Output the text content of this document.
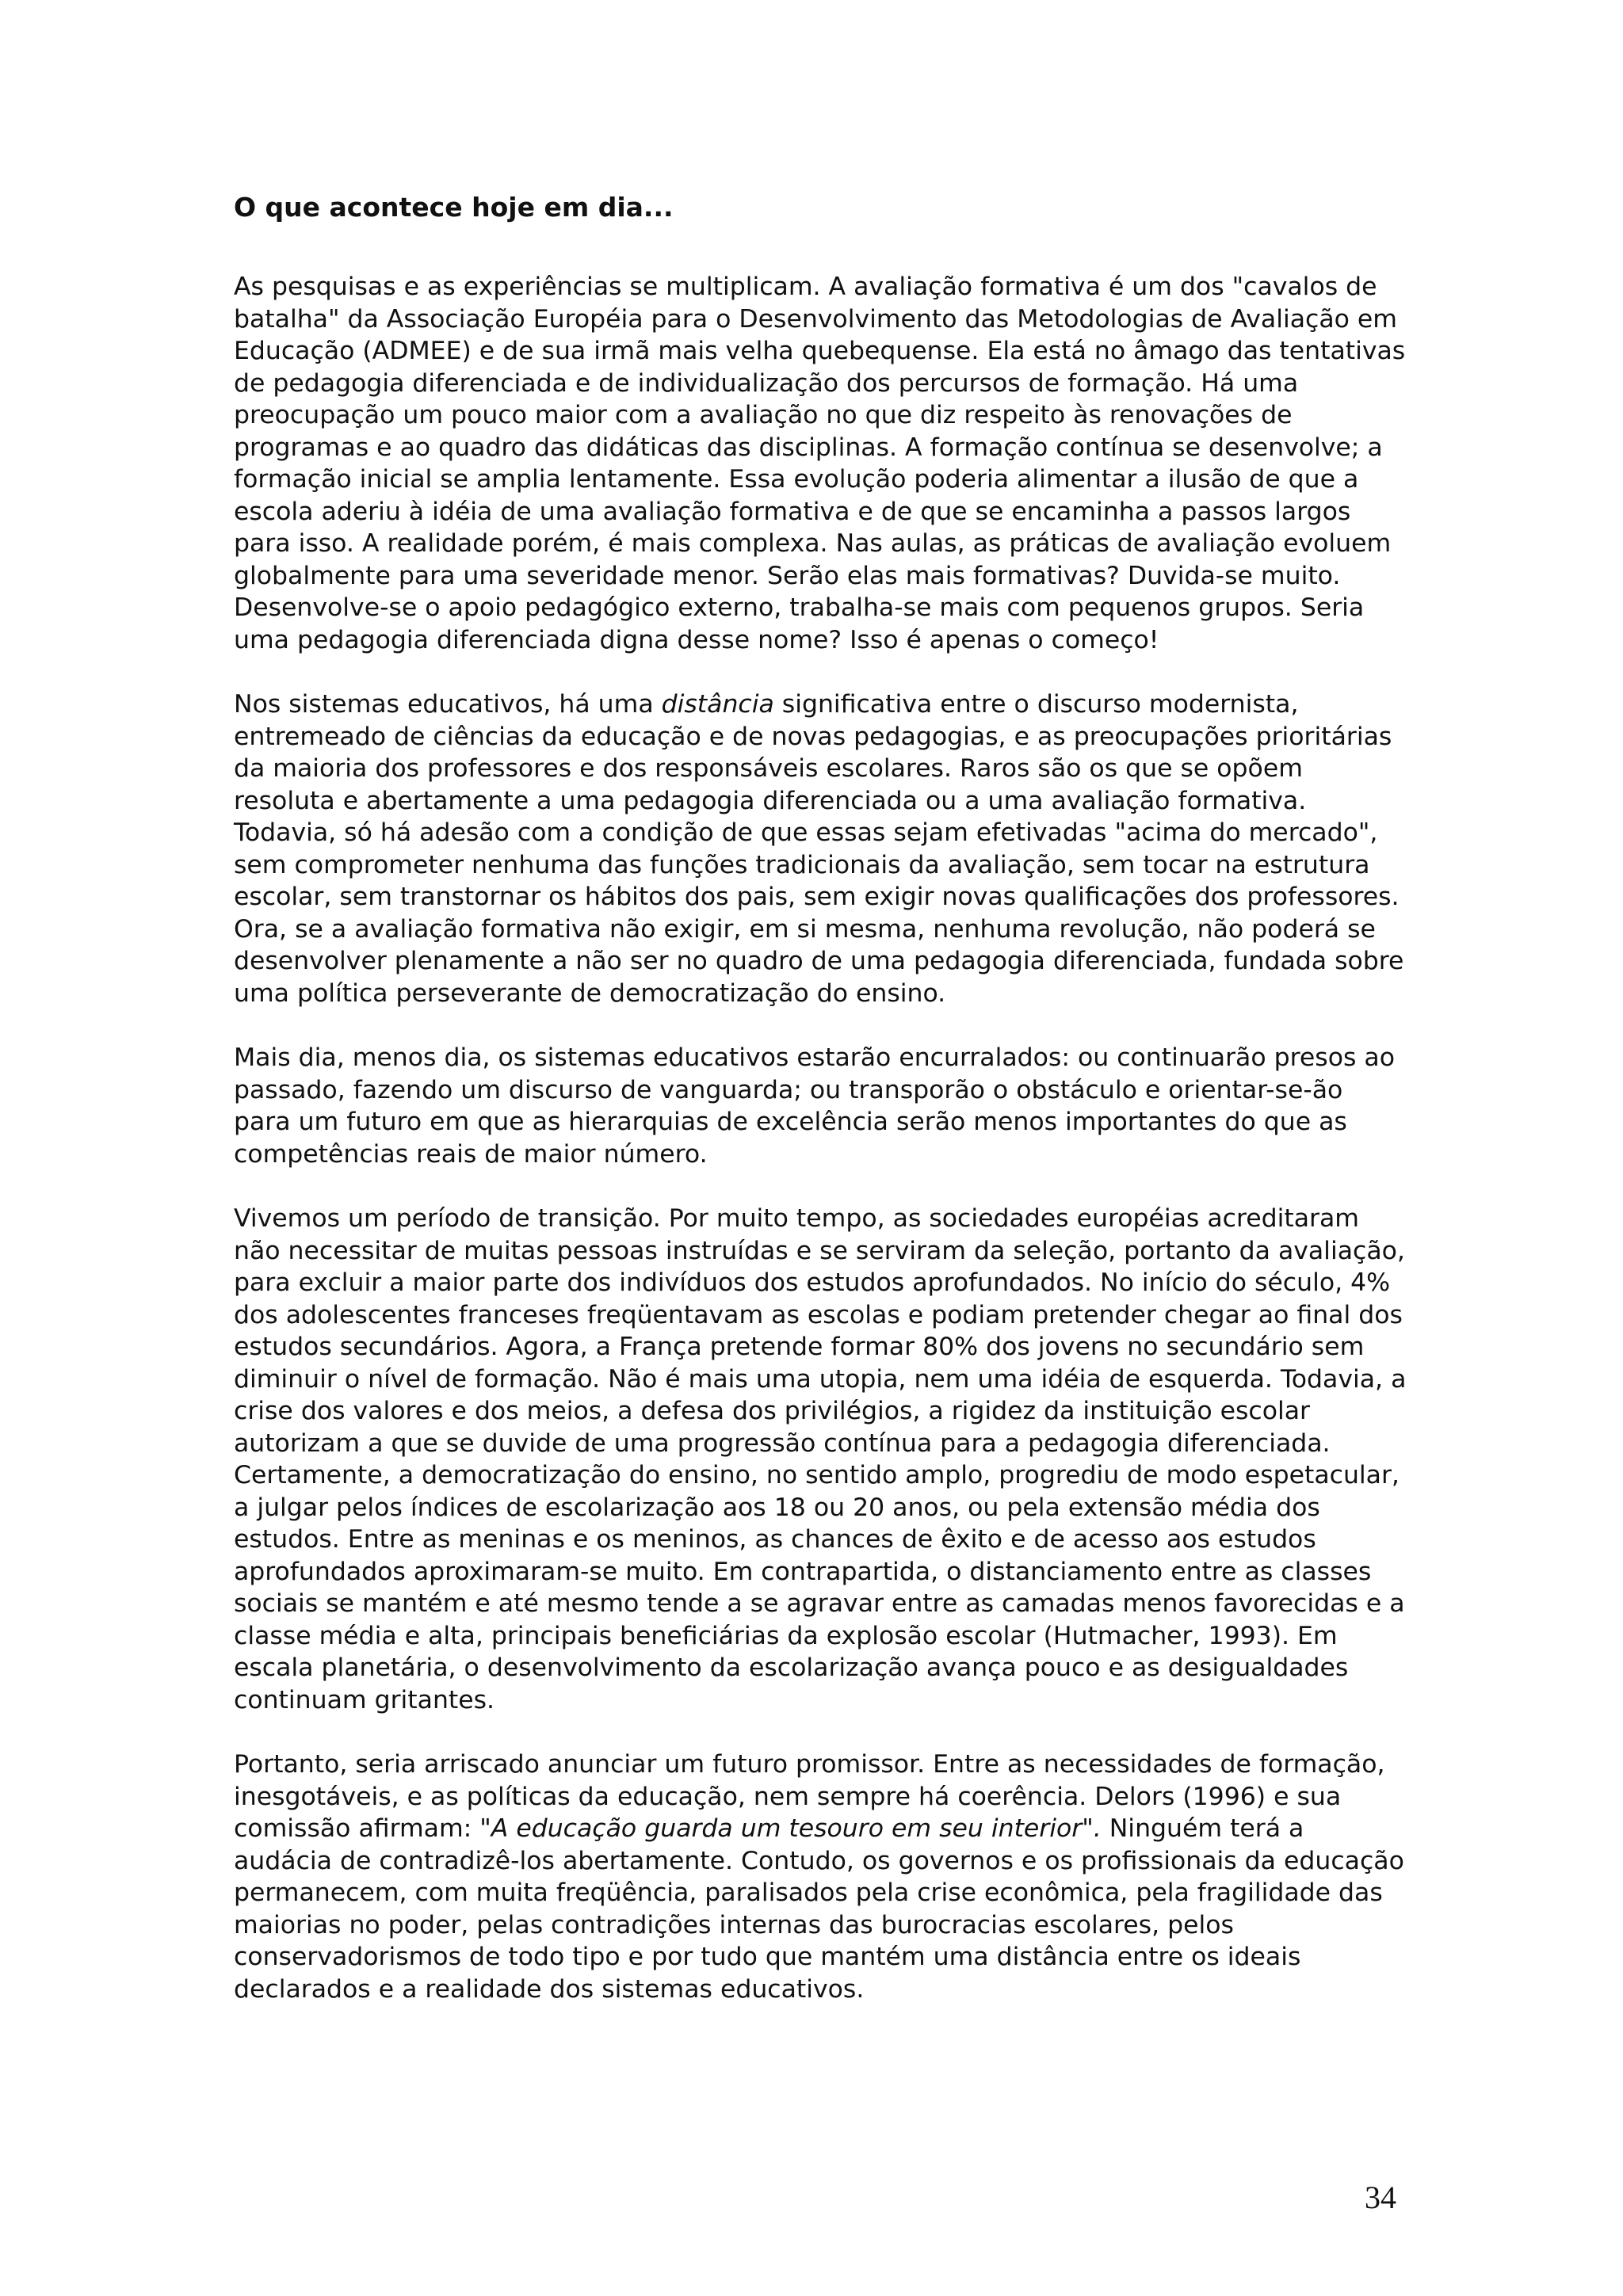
O que acontece hoje em dia...

As pesquisas e as experiências se multiplicam. A avaliação formativa é um dos "cavalos de batalha" da Associação Européia para o Desenvolvimento das Metodologias de Avaliação em Educação (ADMEE) e de sua irmã mais velha quebequense. Ela está no âmago das tentativas de pedagogia diferenciada e de individualização dos percursos de formação. Há uma preocupação um pouco maior com a avaliação no que diz respeito às renovações de programas e ao quadro das didáticas das disciplinas. A formação contínua se desenvolve; a formação inicial se amplia lentamente. Essa evolução poderia alimentar a ilusão de que a escola aderiu à idéia de uma avaliação formativa e de que se encaminha a passos largos para isso. A realidade porém, é mais complexa. Nas aulas, as práticas de avaliação evoluem globalmente para uma severidade menor. Serão elas mais formativas? Duvida-se muito. Desenvolve-se o apoio pedagógico externo, trabalha-se mais com pequenos grupos. Seria uma pedagogia diferenciada digna desse nome? Isso é apenas o começo!

Nos sistemas educativos, há uma distância significativa entre o discurso modernista, entremeado de ciências da educação e de novas pedagogias, e as preocupações prioritárias da maioria dos professores e dos responsáveis escolares. Raros são os que se opõem resoluta e abertamente a uma pedagogia diferenciada ou a uma avaliação formativa. Todavia, só há adesão com a condição de que essas sejam efetivadas "acima do mercado", sem comprometer nenhuma das funções tradicionais da avaliação, sem tocar na estrutura escolar, sem transtornar os hábitos dos pais, sem exigir novas qualificações dos professores. Ora, se a avaliação formativa não exigir, em si mesma, nenhuma revolução, não poderá se desenvolver plenamente a não ser no quadro de uma pedagogia diferenciada, fundada sobre uma política perseverante de democratização do ensino.

Mais dia, menos dia, os sistemas educativos estarão encurralados: ou continuarão presos ao passado, fazendo um discurso de vanguarda; ou transporão o obstáculo e orientar-se-ão para um futuro em que as hierarquias de excelência serão menos importantes do que as competências reais de maior número.

Vivemos um período de transição. Por muito tempo, as sociedades européias acreditaram não necessitar de muitas pessoas instruídas e se serviram da seleção, portanto da avaliação, para excluir a maior parte dos indivíduos dos estudos aprofundados. No início do século, 4% dos adolescentes franceses freqüentavam as escolas e podiam pretender chegar ao final dos estudos secundários. Agora, a França pretende formar 80% dos jovens no secundário sem diminuir o nível de formação. Não é mais uma utopia, nem uma idéia de esquerda. Todavia, a crise dos valores e dos meios, a defesa dos privilégios, a rigidez da instituição escolar autorizam a que se duvide de uma progressão contínua para a pedagogia diferenciada. Certamente, a democratização do ensino, no sentido amplo, progrediu de modo espetacular, a julgar pelos índices de escolarização aos 18 ou 20 anos, ou pela extensão média dos estudos. Entre as meninas e os meninos, as chances de êxito e de acesso aos estudos aprofundados aproximaram-se muito. Em contrapartida, o distanciamento entre as classes sociais se mantém e até mesmo tende a se agravar entre as camadas menos favorecidas e a classe média e alta, principais beneficiárias da explosão escolar (Hutmacher, 1993). Em escala planetária, o desenvolvimento da escolarização avança pouco e as desigualdades continuam gritantes.

Portanto, seria arriscado anunciar um futuro promissor. Entre as necessidades de formação, inesgotáveis, e as políticas da educação, nem sempre há coerência. Delors (1996) e sua comissão afirmam: "A educação guarda um tesouro em seu interior". Ninguém terá a audácia de contradizê-los abertamente. Contudo, os governos e os profissionais da educação permanecem, com muita freqüência, paralisados pela crise econômica, pela fragilidade das maiorias no poder, pelas contradições internas das burocracias escolares, pelos conservadorismos de todo tipo e por tudo que mantém uma distância entre os ideais declarados e a realidade dos sistemas educativos.

34
